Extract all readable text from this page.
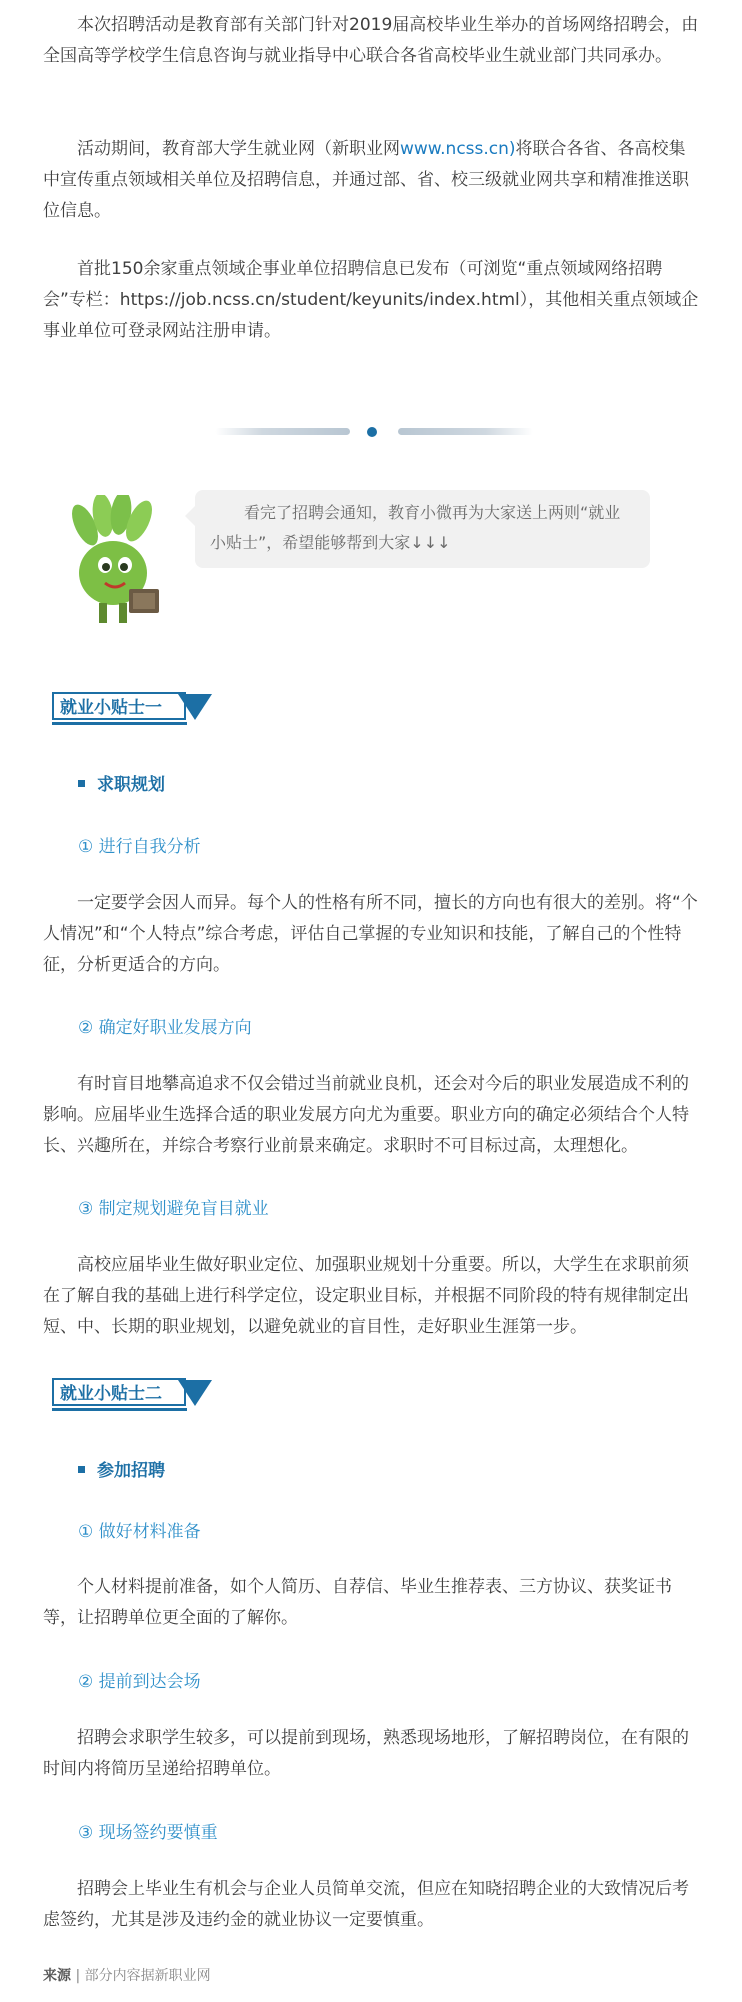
本次招聘活动是教育部有关部门针对2019届高校毕业生举办的首场网络招聘会，由全国高等学校学生信息咨询与就业指导中心联合各省高校毕业生就业部门共同承办。

活动期间，教育部大学生就业网（新职业网www.ncss.cn)将联合各省、各高校集中宣传重点领域相关单位及招聘信息，并通过部、省、校三级就业网共享和精准推送职位信息。

首批150余家重点领域企事业单位招聘信息已发布（可浏览“重点领域网络招聘会”专栏：https://job.ncss.cn/student/keyunits/index.html），其他相关重点领域企事业单位可登录网站注册申请。

看完了招聘会通知，教育小微再为大家送上两则“就业小贴士”，希望能够帮到大家↓↓↓

就业小贴士一
求职规划
① 进行自我分析

一定要学会因人而异。每个人的性格有所不同，擅长的方向也有很大的差别。将“个人情况”和“个人特点”综合考虑，评估自己掌握的专业知识和技能，了解自己的个性特征，分析更适合的方向。

② 确定好职业发展方向

有时盲目地攀高追求不仅会错过当前就业良机，还会对今后的职业发展造成不利的影响。应届毕业生选择合适的职业发展方向尤为重要。职业方向的确定必须结合个人特长、兴趣所在，并综合考察行业前景来确定。求职时不可目标过高，太理想化。

③ 制定规划避免盲目就业

高校应届毕业生做好职业定位、加强职业规划十分重要。所以，大学生在求职前须在了解自我的基础上进行科学定位，设定职业目标，并根据不同阶段的特有规律制定出短、中、长期的职业规划，以避免就业的盲目性，走好职业生涯第一步。

就业小贴士二
参加招聘
① 做好材料准备

个人材料提前准备，如个人简历、自荐信、毕业生推荐表、三方协议、获奖证书等，让招聘单位更全面的了解你。

② 提前到达会场

招聘会求职学生较多，可以提前到现场，熟悉现场地形，了解招聘岗位，在有限的时间内将简历呈递给招聘单位。

③ 现场签约要慎重

招聘会上毕业生有机会与企业人员简单交流，但应在知晓招聘企业的大致情况后考虑签约，尤其是涉及违约金的就业协议一定要慎重。

来源 | 部分内容据新职业网
